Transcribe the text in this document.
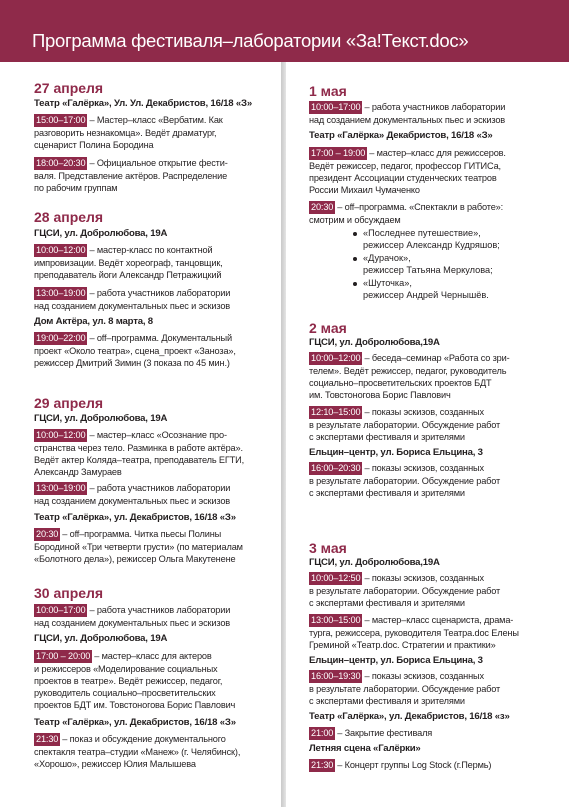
Программа фестиваля–лаборатории «За!Текст.doc»
27 апреля
Театр «Галёрка», Ул. Ул. Декабристов, 16/18 «З»
15:00–17:00 – Мастер–класс «Вербатим. Как
разговорить незнакомца». Ведёт драматург,
сценарист Полина Бородина
18:00–20:30 – Официальное открытие феcти-
валя. Представление актёров. Распределение
по рабочим группам
28 апреля
ГЦСИ, ул. Добролюбова, 19А
10:00–12:00 – мастер-класс по контактной
импровизации. Ведёт хореограф, танцовщик,
преподаватель йоги Александр Петражицкий
13:00–19:00 – работа участников лаборатории
над созданием документальных пьес и эскизов
Дом Актёра, ул. 8 марта, 8
19:00–22:00 – off–программа. Документальный
проект «Около театра», сцена_проект «Заноза»,
режиссер Дмитрий Зимин (3 показа по 45 мин.)
29 апреля
ГЦСИ, ул. Добролюбова, 19А
10:00–12:00 – мастер–класс «Осознание про-
странства через тело. Разминка в работе актёра».
Ведёт актер Коляда–театра, преподаватель ЕГТИ,
Александр Замураев
13:00–19:00 – работа участников лаборатории
над созданием документальных пьес и эскизов
Театр «Галёрка», ул. Декабристов, 16/18 «З»
20:30 – off–программа. Читка пьесы Полины
Бородиной «Три четверти грусти» (по материалам
«Болотного дела»), режиссер Ольга Макутенене
30 апреля
10:00–17:00 – работа участников лаборатории
над созданием документальных пьес и эскизов
ГЦСИ, ул. Добролюбова, 19А
17:00 – 20:00 – мастер–класс для актеров
и режиссеров «Моделирование социальных
проектов в театре». Ведёт режиссер, педагог,
руководитель социально–просветительских
проектов БДТ им. Товстоногова Борис Павлович
Театр «Галёрка», ул. Декабристов, 16/18 «З»
21:30 – показ и обсуждение документального
спектакля театра–студии «Манеж» (г. Челябинск),
«Хорошо», режиссер Юлия Малышева
1 мая
10:00–17:00 – работа участников лаборатории
над созданием документальных пьес и эскизов
Театр «Галёрка» Декабристов, 16/18 «З»
17:00 – 19:00 – мастер–класс для режиссеров.
Ведёт режиссер, педагог, профессор ГИТИСа,
президент Ассоциации студенческих театров
России Михаил Чумаченко
20:30 – off–программа. «Спектакли в работе»:
смотрим и обсуждаем
«Последнее путешествие»,
режиссер Александр Кудряшов;
«Дурачок»,
режиссер Татьяна Меркулова;
«Шуточка»,
режиссер Андрей Чернышёв.
2 мая
ГЦСИ, ул. Добролюбова,19А
10:00–12:00 – беседа–семинар «Работа со зри-
телем». Ведёт режиссер, педагог, руководитель
социально–просветительских проектов БДТ
им. Товстоногова Борис Павлович
12:10–15:00 – показы эскизов, созданных
в результате лаборатории. Обсуждение работ
с экспертами фестиваля и зрителями
Ельцин–центр, ул. Бориса Ельцина, 3
16:00–20:30 – показы эскизов, созданных
в результате лаборатории. Обсуждение работ
с экспертами фестиваля и зрителями
3 мая
ГЦСИ, ул. Добролюбова,19А
10:00–12:50 – показы эскизов, созданных
в результате лаборатории. Обсуждение работ
с экспертами фестиваля и зрителями
13:00–15:00 – мастер–класс сценариста, драма-
турга, режиссера, руководителя Театра.doc Елены
Греминой «Театр.doc. Стратегии и практики»
Ельцин–центр, ул. Бориса Ельцина, 3
16:00–19:30 – показы эскизов, созданных
в результате лаборатории. Обсуждение работ
с экспертами фестиваля и зрителями
Театр «Галёрка», ул. Декабристов, 16/18 «з»
21:00 – Закрытие фестиваля
Летняя сцена «Галёрки»
21:30 – Концерт группы Log Stock (г.Пермь)
